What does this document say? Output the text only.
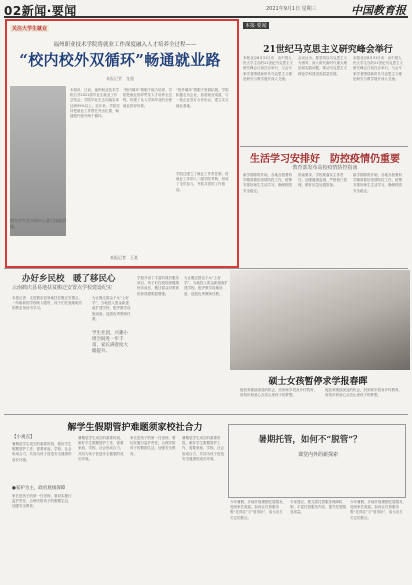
02新闻·要闻	2021年9月1日 星期三	中国教育报
关注大学生就业
福州职业技术学院将就业工作深度融入人才培养全过程——
“校内校外双循环”畅通就业路
本报记者　龙超
图为学生在实训中心进行技能训练。
本报讯　日前，福州职业技术学院召开2021届毕业生就业工作总结会，学院毕业生去向落实率达到95%以上。近年来，学院坚持把就业工作摆在突出位置，畅通校内校外两个循环。
“校内循环”着眼于能力培养，学院把就业指导贯穿人才培养全过程，构建了从入学到毕业的全程就业指导体系。
“校外循环”着眼于资源拓展，学院积极走访企业，拓宽就业渠道，与一批企业签订合作协议，建立实习就业基地。
学院还建立了就业工作责任制，将就业工作纳入二级学院考核，形成了全员参与、齐抓共管的工作格局。
本报记者　王某
本报·要闻
21世纪马克思主义研究峰会举行
本报北京8月31日讯　由中国人民大学主办的21世纪马克思主义研究峰会日前在京举行，与会专家学者围绕新时代马克思主义理论研究与教学展开深入交流。
会议认为，要坚持以马克思主义为指导，深入研究新时代重大理论和实践问题，推动马克思主义理论学科建设高质量发展。
本报北京8月31日讯　由中国人民大学主办的21世纪马克思主义研究峰会日前在京举行，与会专家学者围绕新时代马克思主义理论研究与教学展开深入交流。
生活学习安排好　防控疫情仍重要
教育部发布高校疫情防控指南
新学期即将开始，各地各校要科学精准做好疫情防控工作，统筹安排好师生生活学习，确保校园安全稳定。
指南要求，学校要落实主体责任，加强健康监测，严格校门管理，做好应急处置准备。
新学期即将开始，各地各校要科学精准做好疫情防控工作，统筹安排好师生生活学习，确保校园安全稳定。
办好乡民校　暖了移民心
云南鹤庆县易地扶贫搬迁安置点学校建设纪实
本报记者　走进鹤庆县易地扶贫搬迁安置点，一所崭新的学校映入眼帘，孩子们在宽敞明亮的教室里读书学习。
为让搬迁群众子女“上好学”，当地投入资金新建改扩建学校，配齐教学设施设备，选派优秀教师任教。
学生社团、兴趣小组空间进一步丰富，家长满意度大幅提升。
学校开设了丰富的课后服务项目，孩子们在校园里健康快乐成长，搬迁群众对教育的获得感明显增强。
为让搬迁群众子女“上好学”，当地投入资金新建改扩建学校，配齐教学设施设备，选派优秀教师任教。
硕士女孩暂停求学报春晖
她放弃继续深造的机会，回到家乡投身乡村教育，用知识和爱心点亮山里孩子的梦想。
她放弃继续深造的机会，回到家乡投身乡村教育，用知识和爱心点亮山里孩子的梦想。
解学生假期管护难题须家校社合力
【小观点】
暑期是学生成长的重要时段，做好学生假期管护工作，需要家庭、学校、社会形成合力，共同为孩子营造安全健康的成长环境。
●家护为主，政府底线保障
家长是孩子的第一任老师，要切实履行监护责任，合理安排孩子的假期生活，加强安全教育。
暑期是学生成长的重要时段，做好学生假期管护工作，需要家庭、学校、社会形成合力，共同为孩子营造安全健康的成长环境。
家长是孩子的第一任老师，要切实履行监护责任，合理安排孩子的假期生活，加强安全教育。
暑期是学生成长的重要时段，做好学生假期管护工作，需要家庭、学校、社会形成合力，共同为孩子营造安全健康的成长环境。
暑期托管，如何不“脱管”？
课堂内外的新探索
今年暑假，多地开展暑期托管服务，受到家长欢迎。如何让托管服务既“托得住”又“管得好”，成为各方关注的焦点。
专家建议，要完善托管服务保障机制，丰富托管服务内容，提升托管服务质量。
今年暑假，多地开展暑期托管服务，受到家长欢迎。如何让托管服务既“托得住”又“管得好”，成为各方关注的焦点。
